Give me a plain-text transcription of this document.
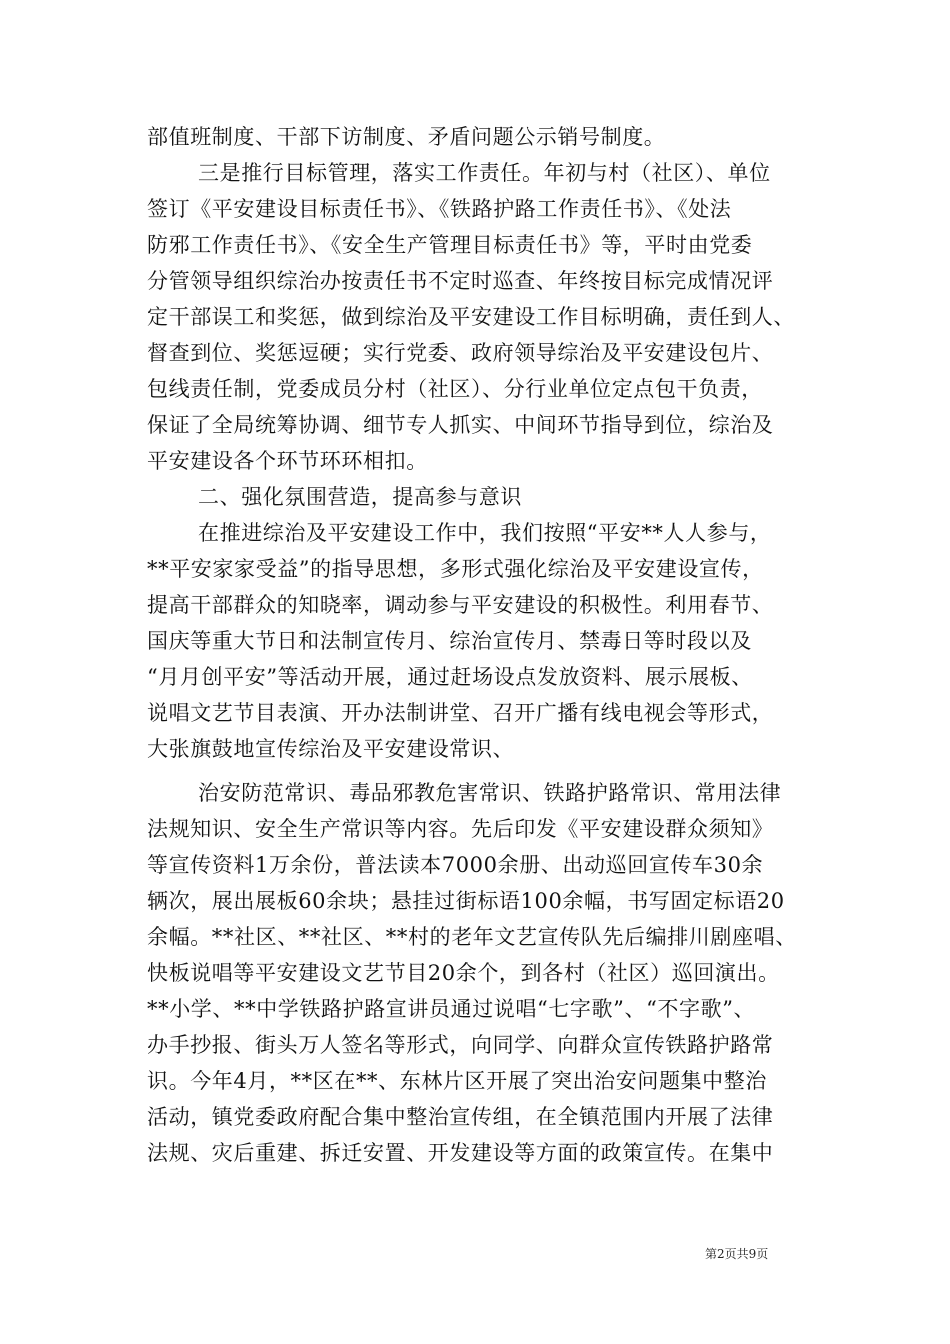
部值班制度、干部下访制度、矛盾问题公示销号制度。
三是推行目标管理，落实工作责任。年初与村（社区）、单位
签订《平安建设目标责任书》、《铁路护路工作责任书》、《处法
防邪工作责任书》、《安全生产管理目标责任书》等，平时由党委
分管领导组织综治办按责任书不定时巡查、年终按目标完成情况评
定干部误工和奖惩，做到综治及平安建设工作目标明确，责任到人、
督查到位、奖惩逗硬；实行党委、政府领导综治及平安建设包片、
包线责任制，党委成员分村（社区）、分行业单位定点包干负责，
保证了全局统筹协调、细节专人抓实、中间环节指导到位，综治及
平安建设各个环节环环相扣。
二、强化氛围营造，提高参与意识
在推进综治及平安建设工作中，我们按照“平安**人人参与，
**平安家家受益”的指导思想，多形式强化综治及平安建设宣传，
提高干部群众的知晓率，调动参与平安建设的积极性。利用春节、
国庆等重大节日和法制宣传月、综治宣传月、禁毒日等时段以及
“月月创平安”等活动开展，通过赶场设点发放资料、展示展板、
说唱文艺节目表演、开办法制讲堂、召开广播有线电视会等形式，
大张旗鼓地宣传综治及平安建设常识、
治安防范常识、毒品邪教危害常识、铁路护路常识、常用法律
法规知识、安全生产常识等内容。先后印发《平安建设群众须知》
等宣传资料1万余份，普法读本7000余册、出动巡回宣传车30余
辆次，展出展板60余块；悬挂过街标语100余幅，书写固定标语20
余幅。**社区、**社区、**村的老年文艺宣传队先后编排川剧座唱、
快板说唱等平安建设文艺节目20余个，到各村（社区）巡回演出。
**小学、**中学铁路护路宣讲员通过说唱“七字歌”、“不字歌”、
办手抄报、街头万人签名等形式，向同学、向群众宣传铁路护路常
识。今年4月，**区在**、东林片区开展了突出治安问题集中整治
活动，镇党委政府配合集中整治宣传组，在全镇范围内开展了法律
法规、灾后重建、拆迁安置、开发建设等方面的政策宣传。在集中
第2页共9页
